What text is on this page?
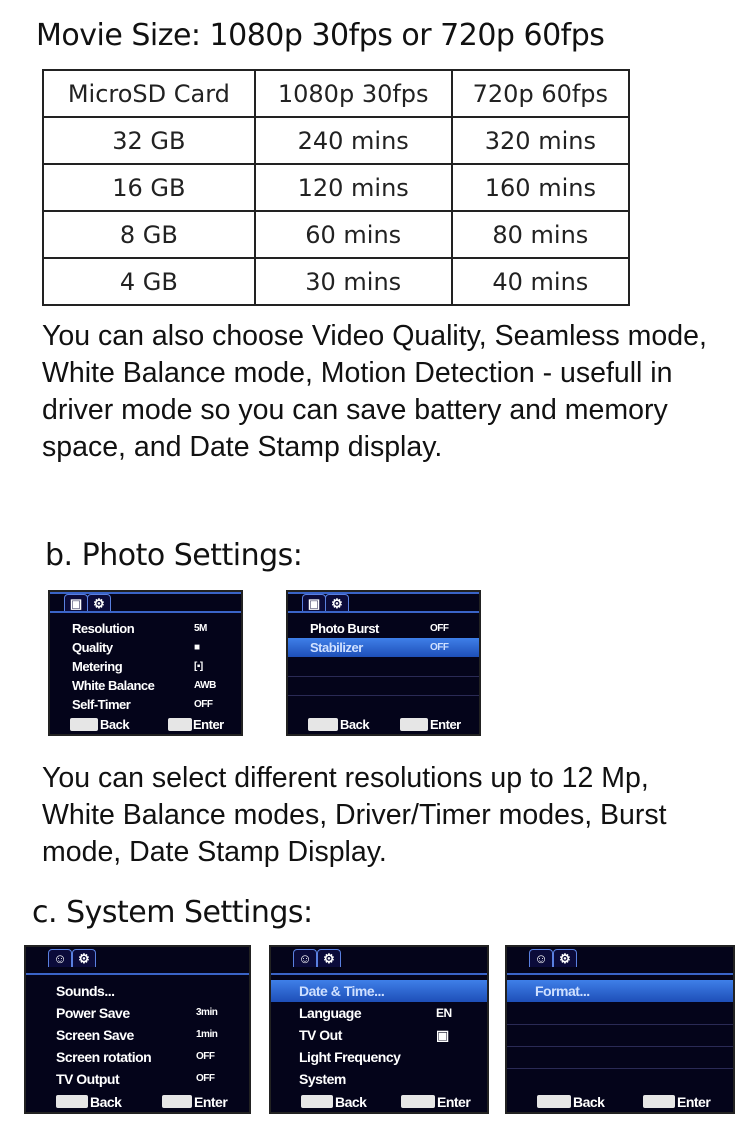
Movie Size: 1080p 30fps or 720p 60fps
MicroSD Card	1080p 30fps	720p 60fps
32 GB	240 mins	320 mins
16 GB	120 mins	160 mins
8 GB	60 mins	80 mins
4 GB	30 mins	40 mins
You can also choose Video Quality, Seamless mode, White Balance mode, Motion Detection - usefull in driver mode so you can save battery and memory space, and Date Stamp display.
b. Photo Settings:
▣ ⚙
Resolution	5M
Quality	■
Metering	[▪]
White Balance	AWB
Self-Timer	OFF
Back	Enter
▣ ⚙
Photo Burst	OFF
Stabilizer	OFF
Back	Enter
You can select different resolutions up to 12 Mp, White Balance modes, Driver/Timer modes, Burst mode, Date Stamp Display.
c. System Settings:
☺ ⚙
Sounds...
Power Save	3min
Screen Save	1min
Screen rotation	OFF
TV Output	OFF
Back	Enter
☺ ⚙
Date & Time...
Language	EN
TV Out	▣
Light Frequency
System
Back	Enter
☺ ⚙
Format...
Back	Enter
